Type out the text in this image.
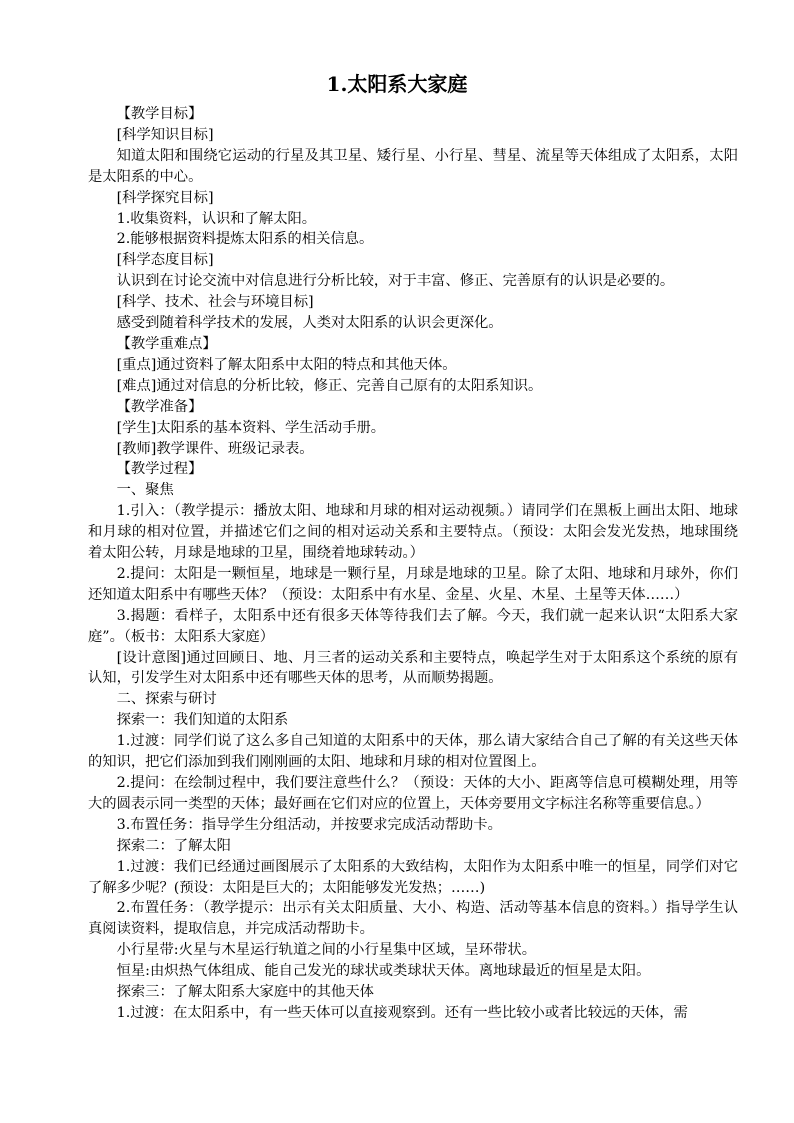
1.太阳系大家庭

【教学目标】

[科学知识目标]

知道太阳和围绕它运动的行星及其卫星、矮行星、小行星、彗星、流星等天体组成了太阳系，太阳是太阳系的中心。

[科学探究目标]

1.收集资料，认识和了解太阳。

2.能够根据资料提炼太阳系的相关信息。

[科学态度目标]

认识到在讨论交流中对信息进行分析比较，对于丰富、修正、完善原有的认识是必要的。

[科学、技术、社会与环境目标]

感受到随着科学技术的发展，人类对太阳系的认识会更深化。

【教学重难点】

[重点]通过资料了解太阳系中太阳的特点和其他天体。

[难点]通过对信息的分析比较，修正、完善自己原有的太阳系知识。

【教学准备】

[学生]太阳系的基本资料、学生活动手册。

[教师]教学课件、班级记录表。

【教学过程】

一、聚焦

1.引入：（教学提示：播放太阳、地球和月球的相对运动视频。）请同学们在黑板上画出太阳、地球和月球的相对位置，并描述它们之间的相对运动关系和主要特点。（预设：太阳会发光发热，地球围绕着太阳公转，月球是地球的卫星，围绕着地球转动。）

2.提问：太阳是一颗恒星，地球是一颗行星，月球是地球的卫星。除了太阳、地球和月球外，你们还知道太阳系中有哪些天体？（预设：太阳系中有水星、金星、火星、木星、土星等天体……）

3.揭题：看样子，太阳系中还有很多天体等待我们去了解。今天，我们就一起来认识“太阳系大家庭”。（板书：太阳系大家庭）

[设计意图]通过回顾日、地、月三者的运动关系和主要特点，唤起学生对于太阳系这个系统的原有认知，引发学生对太阳系中还有哪些天体的思考，从而顺势揭题。

二、探索与研讨

探索一：我们知道的太阳系

1.过渡：同学们说了这么多自己知道的太阳系中的天体，那么请大家结合自己了解的有关这些天体的知识，把它们添加到我们刚刚画的太阳、地球和月球的相对位置图上。

2.提问：在绘制过程中，我们要注意些什么？（预设：天体的大小、距离等信息可模糊处理，用等大的圆表示同一类型的天体；最好画在它们对应的位置上，天体旁要用文字标注名称等重要信息。）

3.布置任务：指导学生分组活动，并按要求完成活动帮助卡。

探索二：了解太阳

1.过渡：我们已经通过画图展示了太阳系的大致结构，太阳作为太阳系中唯一的恒星，同学们对它了解多少呢？(预设：太阳是巨大的；太阳能够发光发热；……)

2.布置任务：（教学提示：出示有关太阳质量、大小、构造、活动等基本信息的资料。）指导学生认真阅读资料，提取信息，并完成活动帮助卡。

小行星带:火星与木星运行轨道之间的小行星集中区域，呈环带状。

恒星:由炽热气体组成、能自己发光的球状或类球状天体。离地球最近的恒星是太阳。

探索三：了解太阳系大家庭中的其他天体

1.过渡：在太阳系中，有一些天体可以直接观察到。还有一些比较小或者比较远的天体，需
